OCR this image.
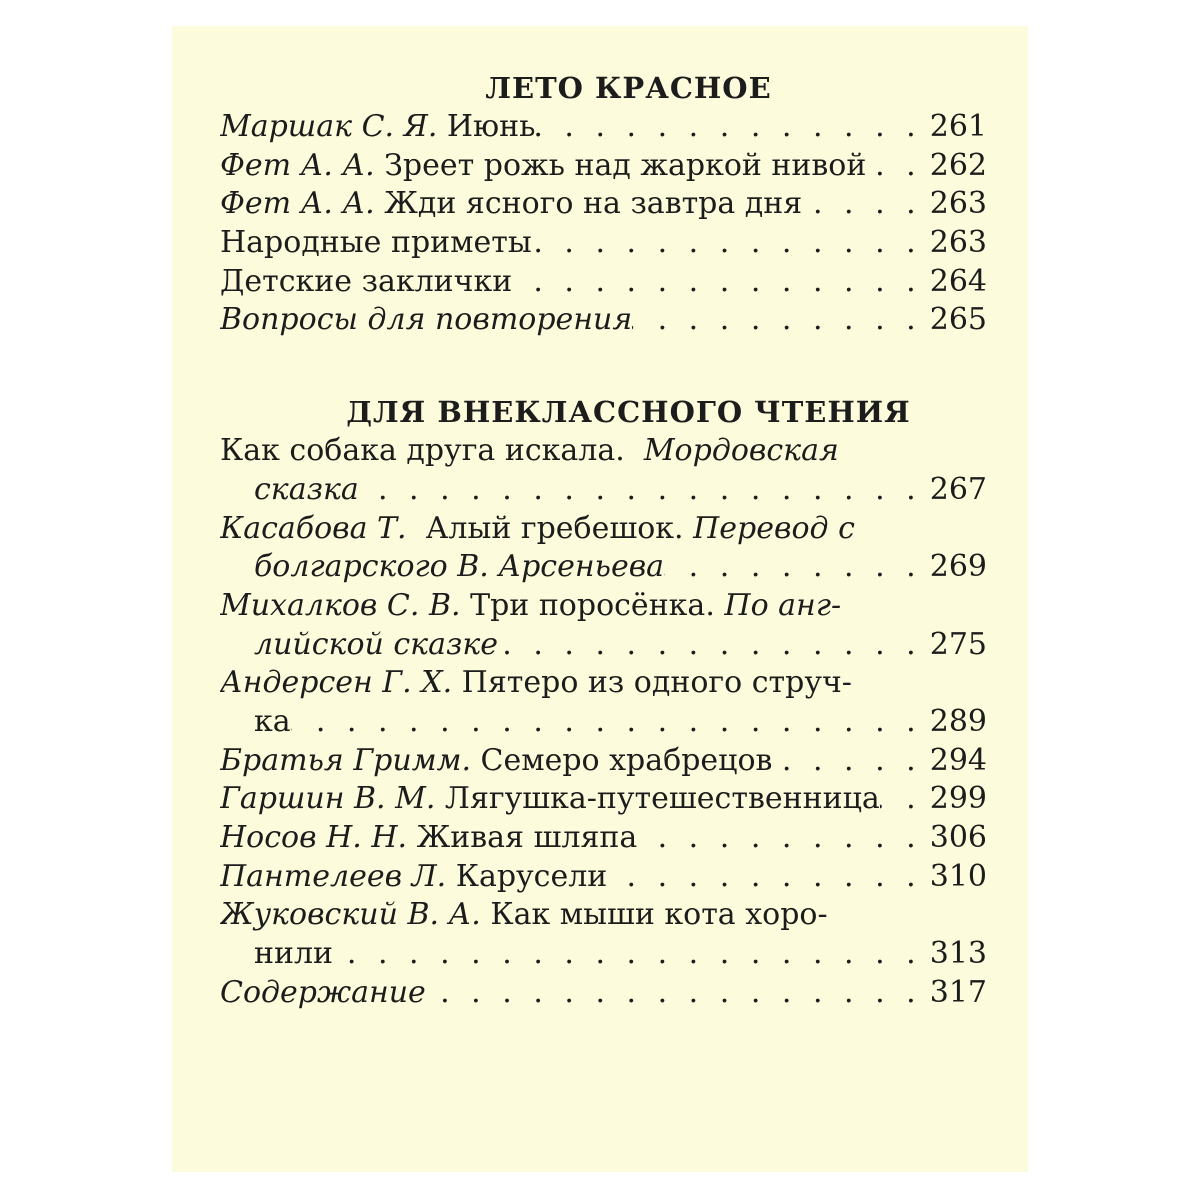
ЛЕТО КРАСНОЕ
Маршак С. Я. Июнь . . .	261
Фет А. А. Зреет рожь над жаркой нивой . . . 262
Фет А. А. Жди ясного на завтра дня . . .	263
Народные приметы . . .	263
Детские заклички . . .	264
Вопросы для повторения . . .	265
ДЛЯ ВНЕКЛАССНОГО ЧТЕНИЯ
Как собака друга искала.  Мордовская
сказка . . .	267
Касабова Т.  Алый гребешок. Перевод с
болгарского В. Арсеньева . . .	269
Михалков С. В. Три поросёнка. По анг-
лийской сказке . . .	275
Андерсен Г. Х. Пятеро из одного струч-
ка . . .	289
Братья Гримм. Семеро храбрецов . . .	294
Гаршин В. М. Лягушка-путешественница . . . 299
Носов Н. Н. Живая шляпа . . .	306
Пантелеев Л. Карусели . . .	310
Жуковский В. А. Как мыши кота хоро-
нили . . .	313
Содержание . . .	317
